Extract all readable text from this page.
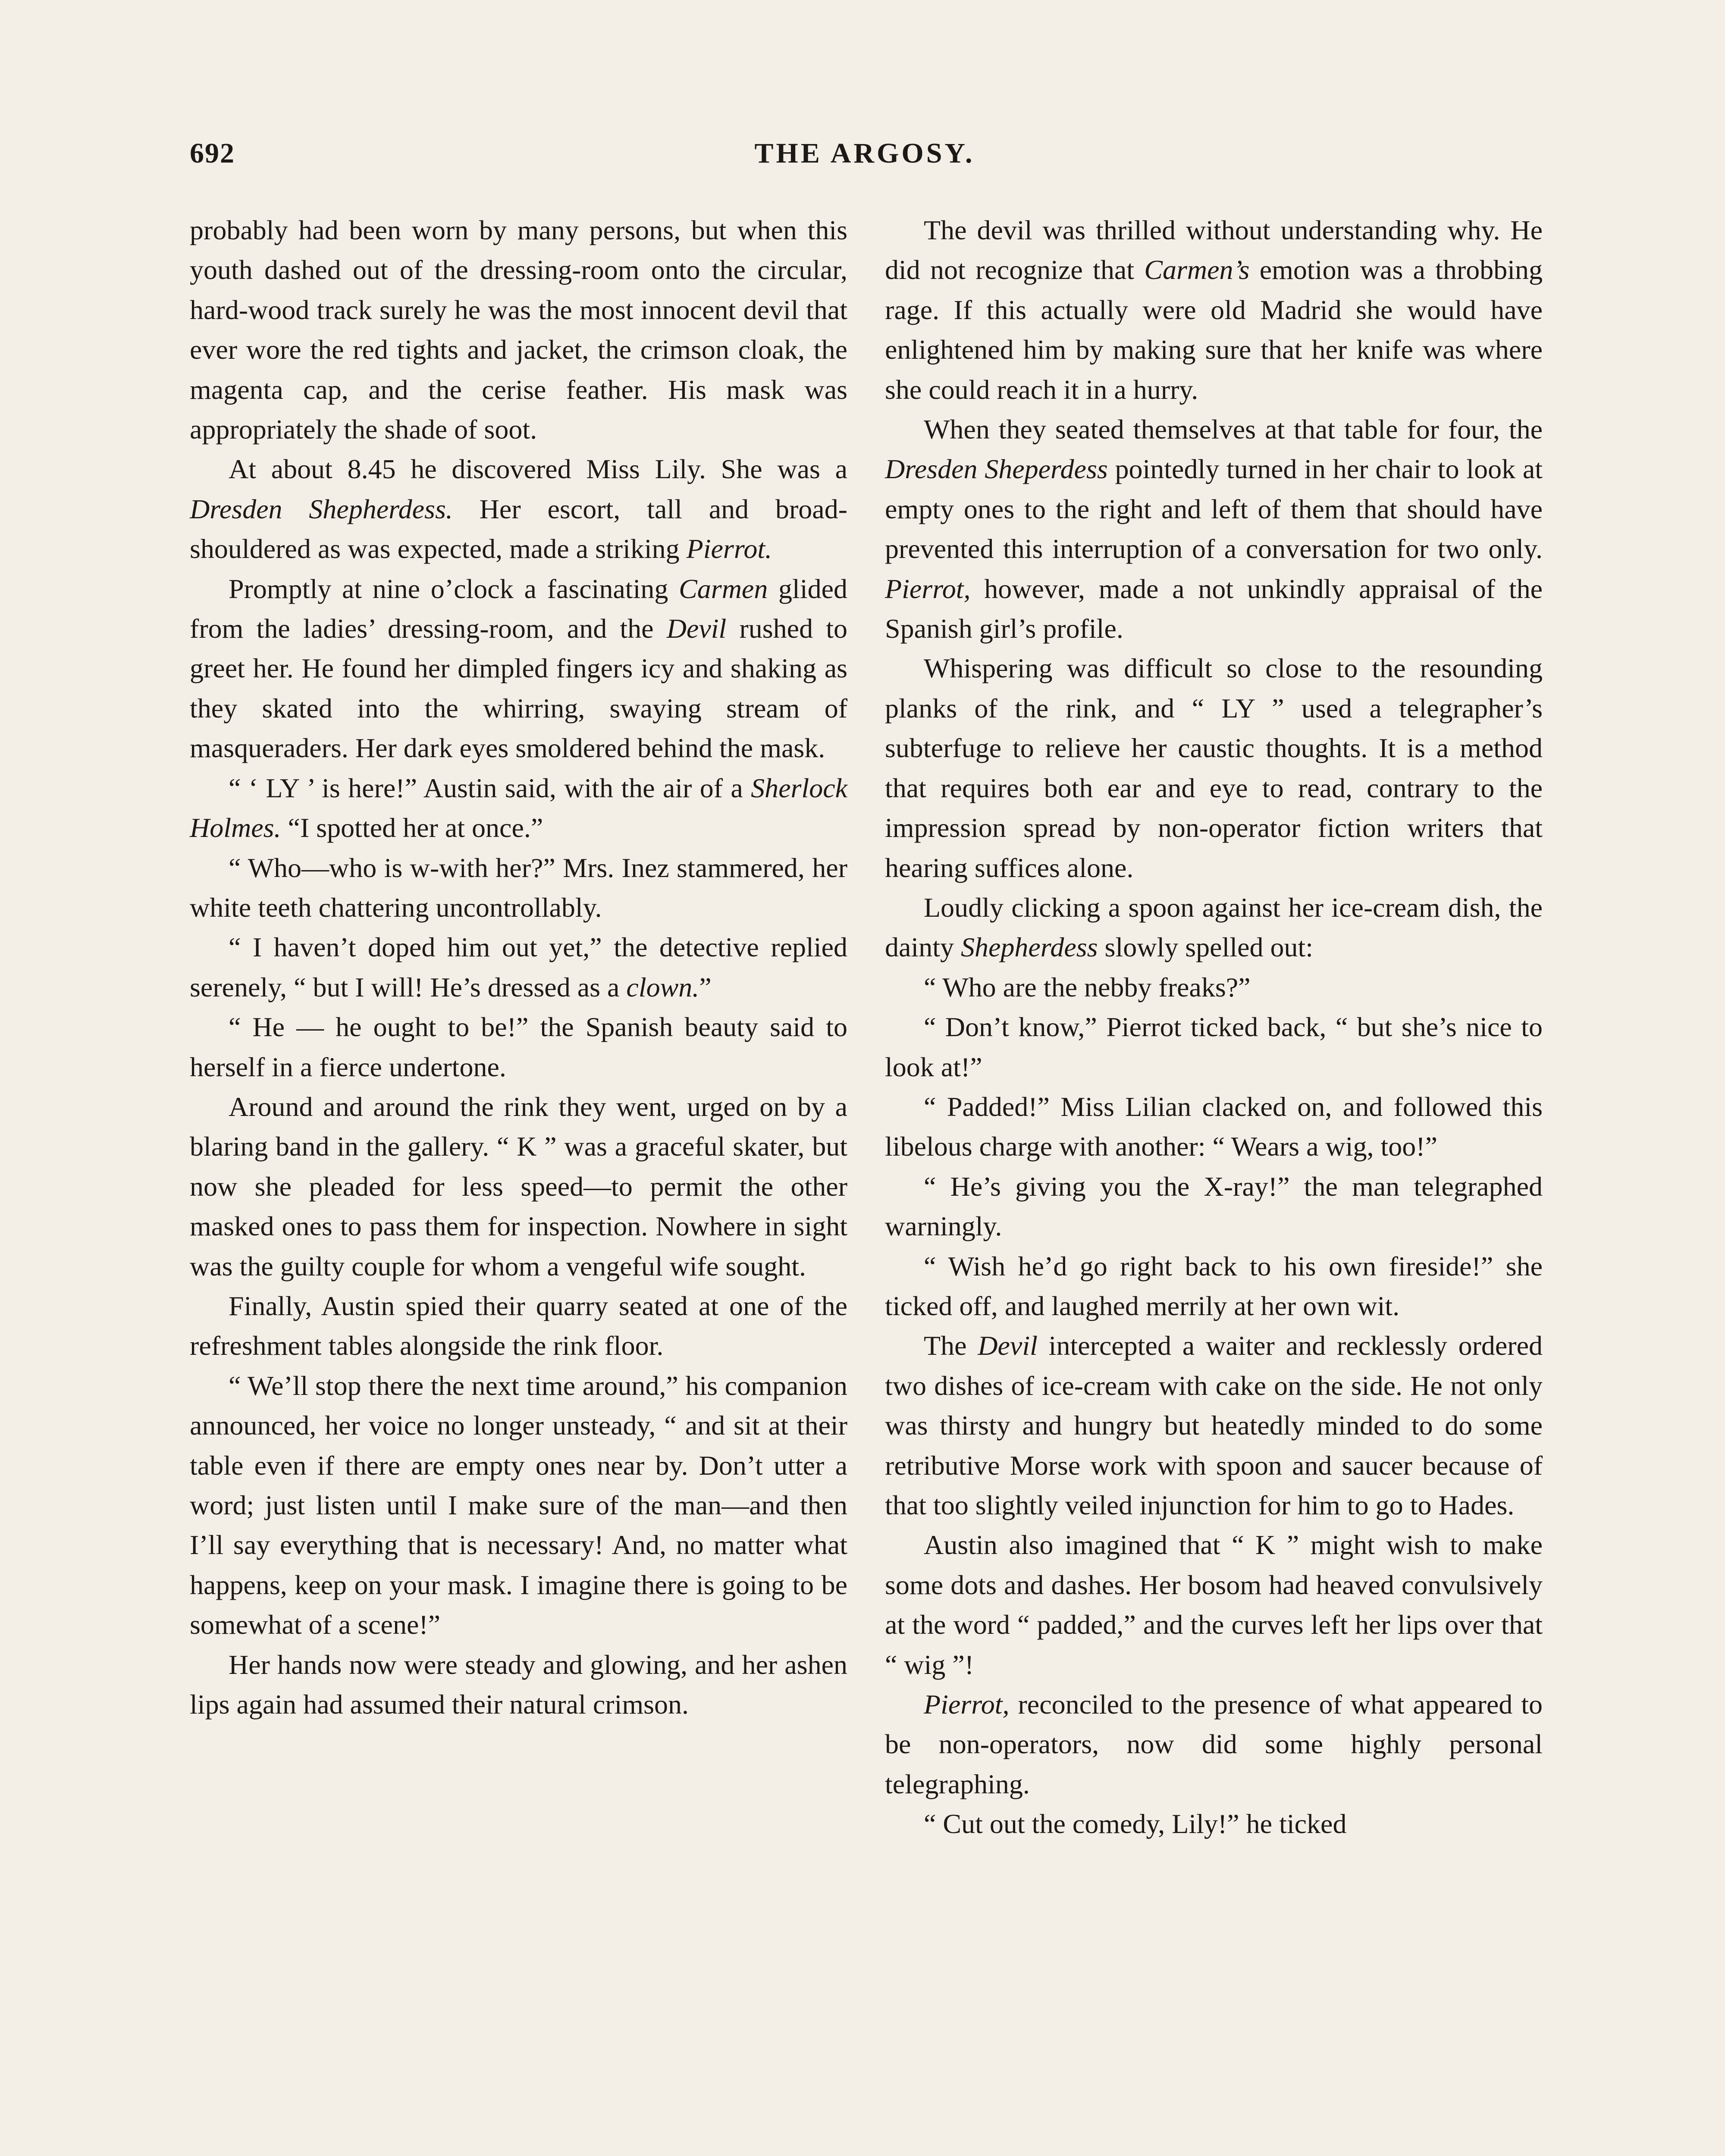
692	THE ARGOSY.

probably had been worn by many persons, but when this youth dashed out of the dressing-room onto the circular, hard-wood track surely he was the most innocent devil that ever wore the red tights and jacket, the crimson cloak, the magenta cap, and the cerise feather. His mask was appropriately the shade of soot.

At about 8.45 he discovered Miss Lily. She was a Dresden Shepherdess. Her escort, tall and broad-shouldered as was expected, made a striking Pierrot.

Promptly at nine o’clock a fascinating Carmen glided from the ladies’ dressing-room, and the Devil rushed to greet her. He found her dimpled fingers icy and shaking as they skated into the whirring, swaying stream of masqueraders. Her dark eyes smoldered behind the mask.

“ ‘ LY ’ is here!” Austin said, with the air of a Sherlock Holmes. “I spotted her at once.”

“ Who—who is w-with her?” Mrs. Inez stammered, her white teeth chattering uncontrollably.

“ I haven’t doped him out yet,” the detective replied serenely, “ but I will! He’s dressed as a clown.”

“ He — he ought to be!” the Spanish beauty said to herself in a fierce undertone.

Around and around the rink they went, urged on by a blaring band in the gallery. “ K ” was a graceful skater, but now she pleaded for less speed—to permit the other masked ones to pass them for inspection. Nowhere in sight was the guilty couple for whom a vengeful wife sought.

Finally, Austin spied their quarry seated at one of the refreshment tables alongside the rink floor.

“ We’ll stop there the next time around,” his companion announced, her voice no longer unsteady, “ and sit at their table even if there are empty ones near by. Don’t utter a word; just listen until I make sure of the man—and then I’ll say everything that is necessary! And, no matter what happens, keep on your mask. I imagine there is going to be somewhat of a scene!”

Her hands now were steady and glowing, and her ashen lips again had assumed their natural crimson.

The devil was thrilled without understanding why. He did not recognize that Carmen’s emotion was a throbbing rage. If this actually were old Madrid she would have enlightened him by making sure that her knife was where she could reach it in a hurry.

When they seated themselves at that table for four, the Dresden Sheperdess pointedly turned in her chair to look at empty ones to the right and left of them that should have prevented this interruption of a conversation for two only. Pierrot, however, made a not unkindly appraisal of the Spanish girl’s profile.

Whispering was difficult so close to the resounding planks of the rink, and “ LY ” used a telegrapher’s subterfuge to relieve her caustic thoughts. It is a method that requires both ear and eye to read, contrary to the impression spread by non-operator fiction writers that hearing suffices alone.

Loudly clicking a spoon against her ice-cream dish, the dainty Shepherdess slowly spelled out:

“ Who are the nebby freaks?”

“ Don’t know,” Pierrot ticked back, “ but she’s nice to look at!”

“ Padded!” Miss Lilian clacked on, and followed this libelous charge with another: “ Wears a wig, too!”

“ He’s giving you the X-ray!” the man telegraphed warningly.

“ Wish he’d go right back to his own fireside!” she ticked off, and laughed merrily at her own wit.

The Devil intercepted a waiter and recklessly ordered two dishes of ice-cream with cake on the side. He not only was thirsty and hungry but heatedly minded to do some retributive Morse work with spoon and saucer because of that too slightly veiled injunction for him to go to Hades.

Austin also imagined that “ K ” might wish to make some dots and dashes. Her bosom had heaved convulsively at the word “ padded,” and the curves left her lips over that “ wig ”!

Pierrot, reconciled to the presence of what appeared to be non-operators, now did some highly personal telegraphing.

“ Cut out the comedy, Lily!” he ticked
